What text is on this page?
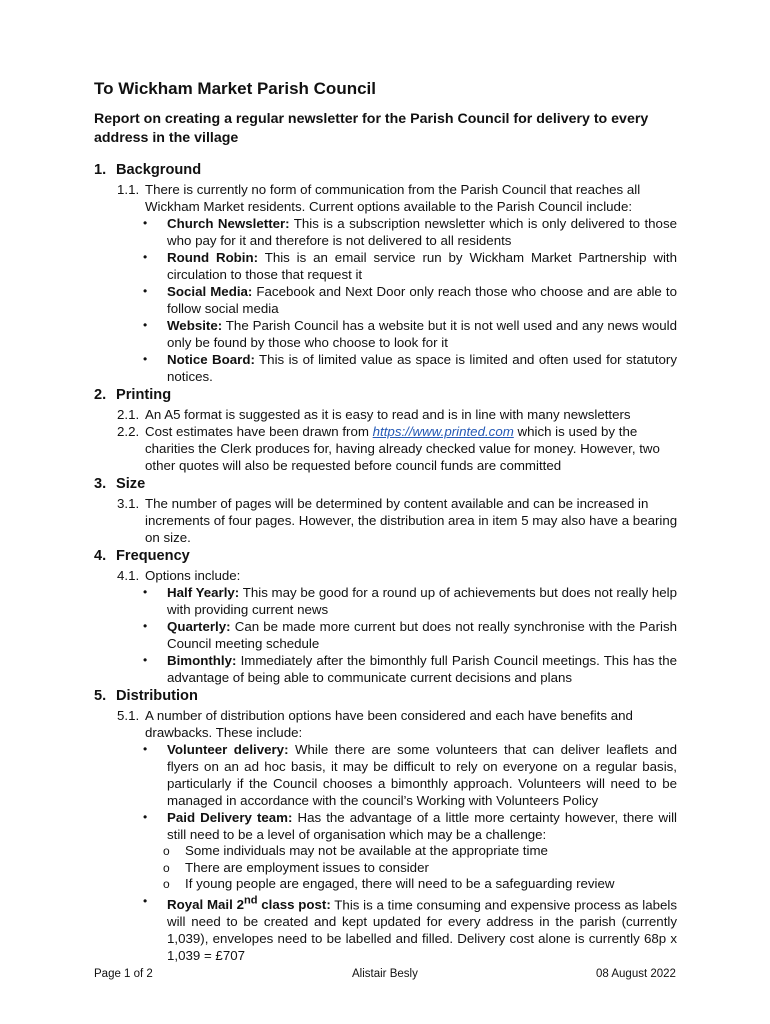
To Wickham Market Parish Council
Report on creating a regular newsletter for the Parish Council for delivery to every address in the village
1. Background
1.1. There is currently no form of communication from the Parish Council that reaches all Wickham Market residents. Current options available to the Parish Council include:
•	Church Newsletter: This is a subscription newsletter which is only delivered to those who pay for it and therefore is not delivered to all residents
•	Round Robin: This is an email service run by Wickham Market Partnership with circulation to those that request it
•	Social Media: Facebook and Next Door only reach those who choose and are able to follow social media
•	Website: The Parish Council has a website but it is not well used and any news would only be found by those who choose to look for it
•	Notice Board: This is of limited value as space is limited and often used for statutory notices.
2. Printing
2.1. An A5 format is suggested as it is easy to read and is in line with many newsletters
2.2. Cost estimates have been drawn from https://www.printed.com which is used by the charities the Clerk produces for, having already checked value for money. However, two other quotes will also be requested before council funds are committed
3. Size
3.1. The number of pages will be determined by content available and can be increased in increments of four pages. However, the distribution area in item 5 may also have a bearing on size.
4. Frequency
4.1. Options include:
•	Half Yearly: This may be good for a round up of achievements but does not really help with providing current news
•	Quarterly: Can be made more current but does not really synchronise with the Parish Council meeting schedule
•	Bimonthly: Immediately after the bimonthly full Parish Council meetings. This has the advantage of being able to communicate current decisions and plans
5. Distribution
5.1. A number of distribution options have been considered and each have benefits and drawbacks. These include:
•	Volunteer delivery: While there are some volunteers that can deliver leaflets and flyers on an ad hoc basis, it may be difficult to rely on everyone on a regular basis, particularly if the Council chooses a bimonthly approach. Volunteers will need to be managed in accordance with the council’s Working with Volunteers Policy
•	Paid Delivery team: Has the advantage of a little more certainty however, there will still need to be a level of organisation which may be a challenge:
o	Some individuals may not be available at the appropriate time
o	There are employment issues to consider
o	If young people are engaged, there will need to be a safeguarding review
•	Royal Mail 2nd class post: This is a time consuming and expensive process as labels will need to be created and kept updated for every address in the parish (currently 1,039), envelopes need to be labelled and filled. Delivery cost alone is currently 68p x 1,039 = £707
Page 1 of 2	Alistair Besly	08 August 2022
